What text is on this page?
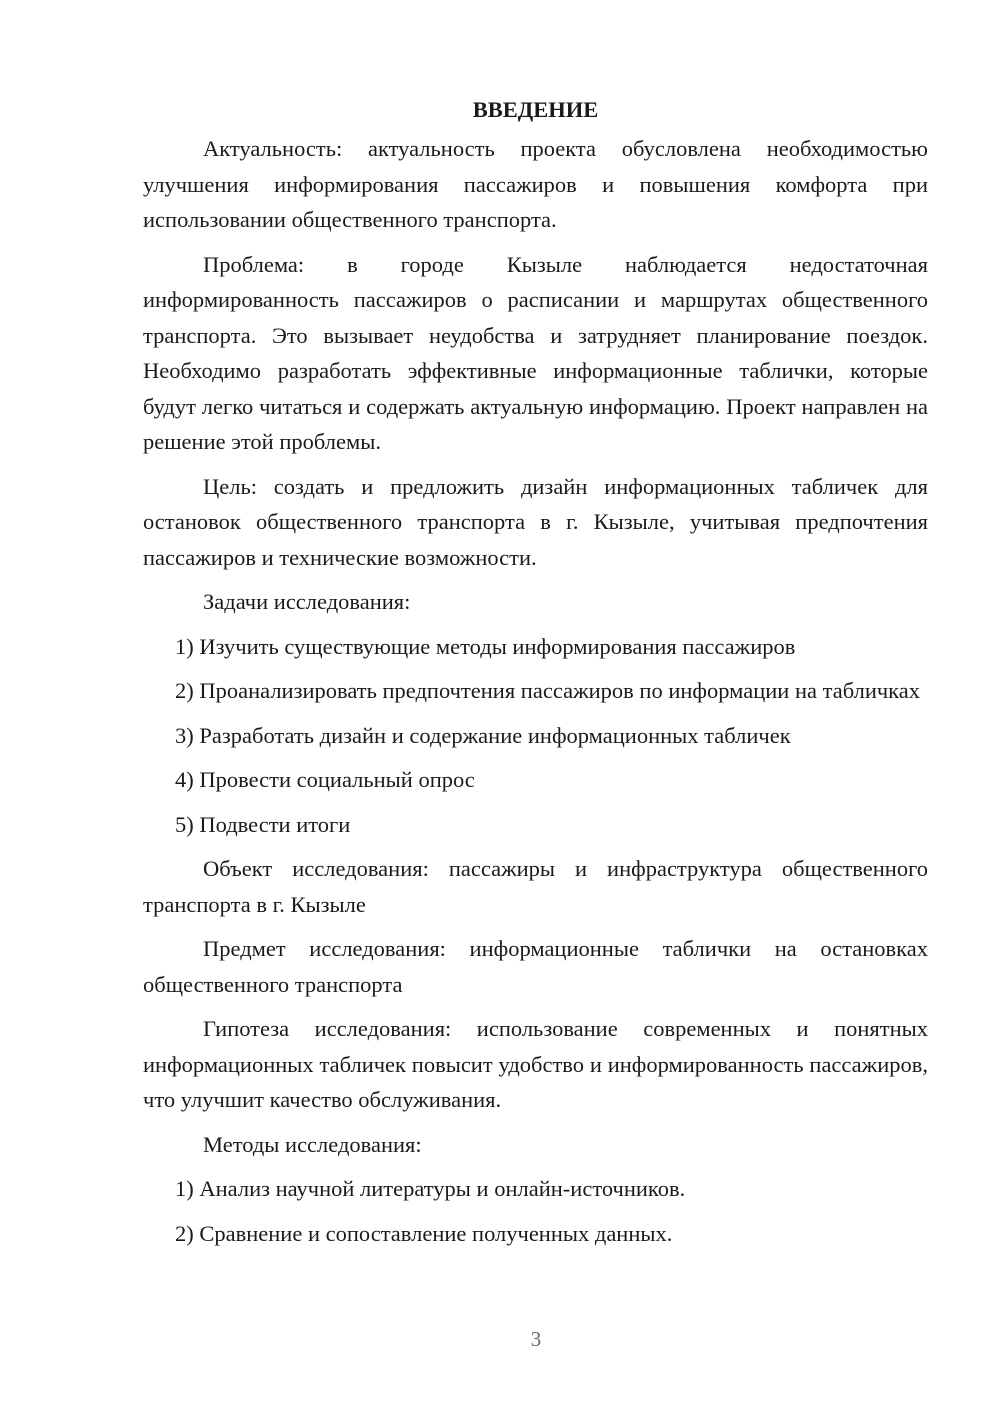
ВВЕДЕНИЕ

Актуальность: актуальность проекта обусловлена необходимостью улучшения информирования пассажиров и повышения комфорта при использовании общественного транспорта.

Проблема: в городе Кызыле наблюдается недостаточная информированность пассажиров о расписании и маршрутах общественного транспорта. Это вызывает неудобства и затрудняет планирование поездок. Необходимо разработать эффективные информационные таблички, которые будут легко читаться и содержать актуальную информацию. Проект направлен на решение этой проблемы.

Цель: создать и предложить дизайн информационных табличек для остановок общественного транспорта в г. Кызыле, учитывая предпочтения пассажиров и технические возможности.

Задачи исследования:

1) Изучить существующие методы информирования пассажиров

2) Проанализировать предпочтения пассажиров по информации на табличках

3) Разработать дизайн и содержание информационных табличек

4) Провести социальный опрос

5) Подвести итоги

Объект исследования: пассажиры и инфраструктура общественного транспорта в г. Кызыле

Предмет исследования: информационные таблички на остановках общественного транспорта

Гипотеза исследования: использование современных и понятных информационных табличек повысит удобство и информированность пассажиров, что улучшит качество обслуживания.

Методы исследования:

1) Анализ научной литературы и онлайн-источников.

2) Сравнение и сопоставление полученных данных.

3
